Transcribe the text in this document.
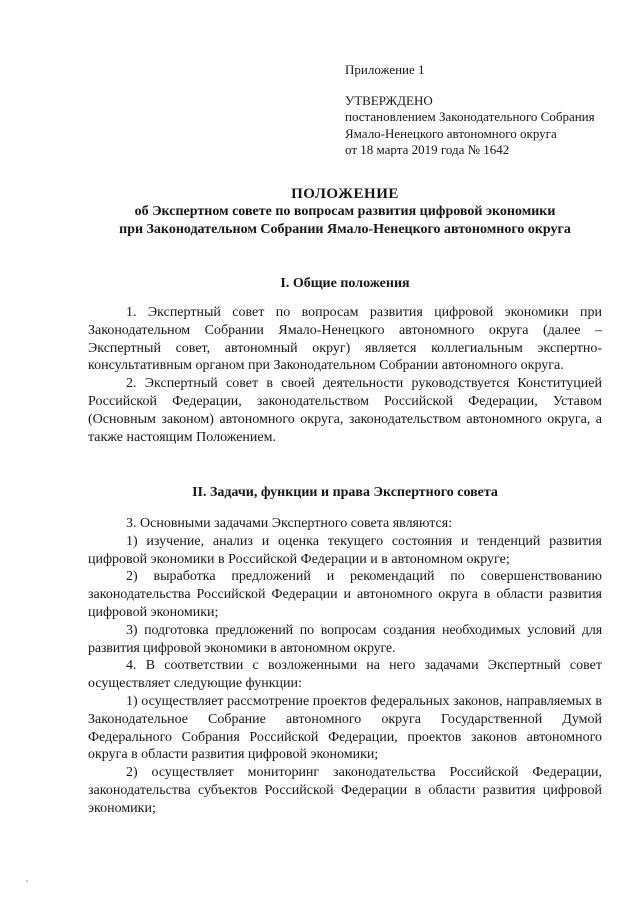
Приложение 1
УТВЕРЖДЕНО
постановлением Законодательного Собрания
Ямало-Ненецкого автономного округа
от 18 марта 2019 года № 1642
ПОЛОЖЕНИЕ
об Экспертном совете по вопросам развития цифровой экономики
при Законодательном Собрании Ямало-Ненецкого автономного округа
I. Общие положения

1. Экспертный совет по вопросам развития цифровой экономики при Законодательном Собрании Ямало-Ненецкого автономного округа (далее – Экспертный совет, автономный округ) является коллегиальным экспертно-консультативным органом при Законодательном Собрании автономного округа.

2. Экспертный совет в своей деятельности руководствуется Конституцией Российской Федерации, законодательством Российской Федерации, Уставом (Основным законом) автономного округа, законодательством автономного округа, а также настоящим Положением.

II. Задачи, функции и права Экспертного совета

3. Основными задачами Экспертного совета являются:

1) изучение, анализ и оценка текущего состояния и тенденций развития цифровой экономики в Российской Федерации и в автономном округе;

2) выработка предложений и рекомендаций по совершенствованию законодательства Российской Федерации и автономного округа в области развития цифровой экономики;

3) подготовка предложений по вопросам создания необходимых условий для развития цифровой экономики в автономном округе.

4. В соответствии с возложенными на него задачами Экспертный совет осуществляет следующие функции:

1) осуществляет рассмотрение проектов федеральных законов, направляемых в Законодательное Собрание автономного округа Государственной Думой Федерального Собрания Российской Федерации, проектов законов автономного округа в области развития цифровой экономики;

2) осуществляет мониторинг законодательства Российской Федерации, законодательства субъектов Российской Федерации в области развития цифровой экономики;
